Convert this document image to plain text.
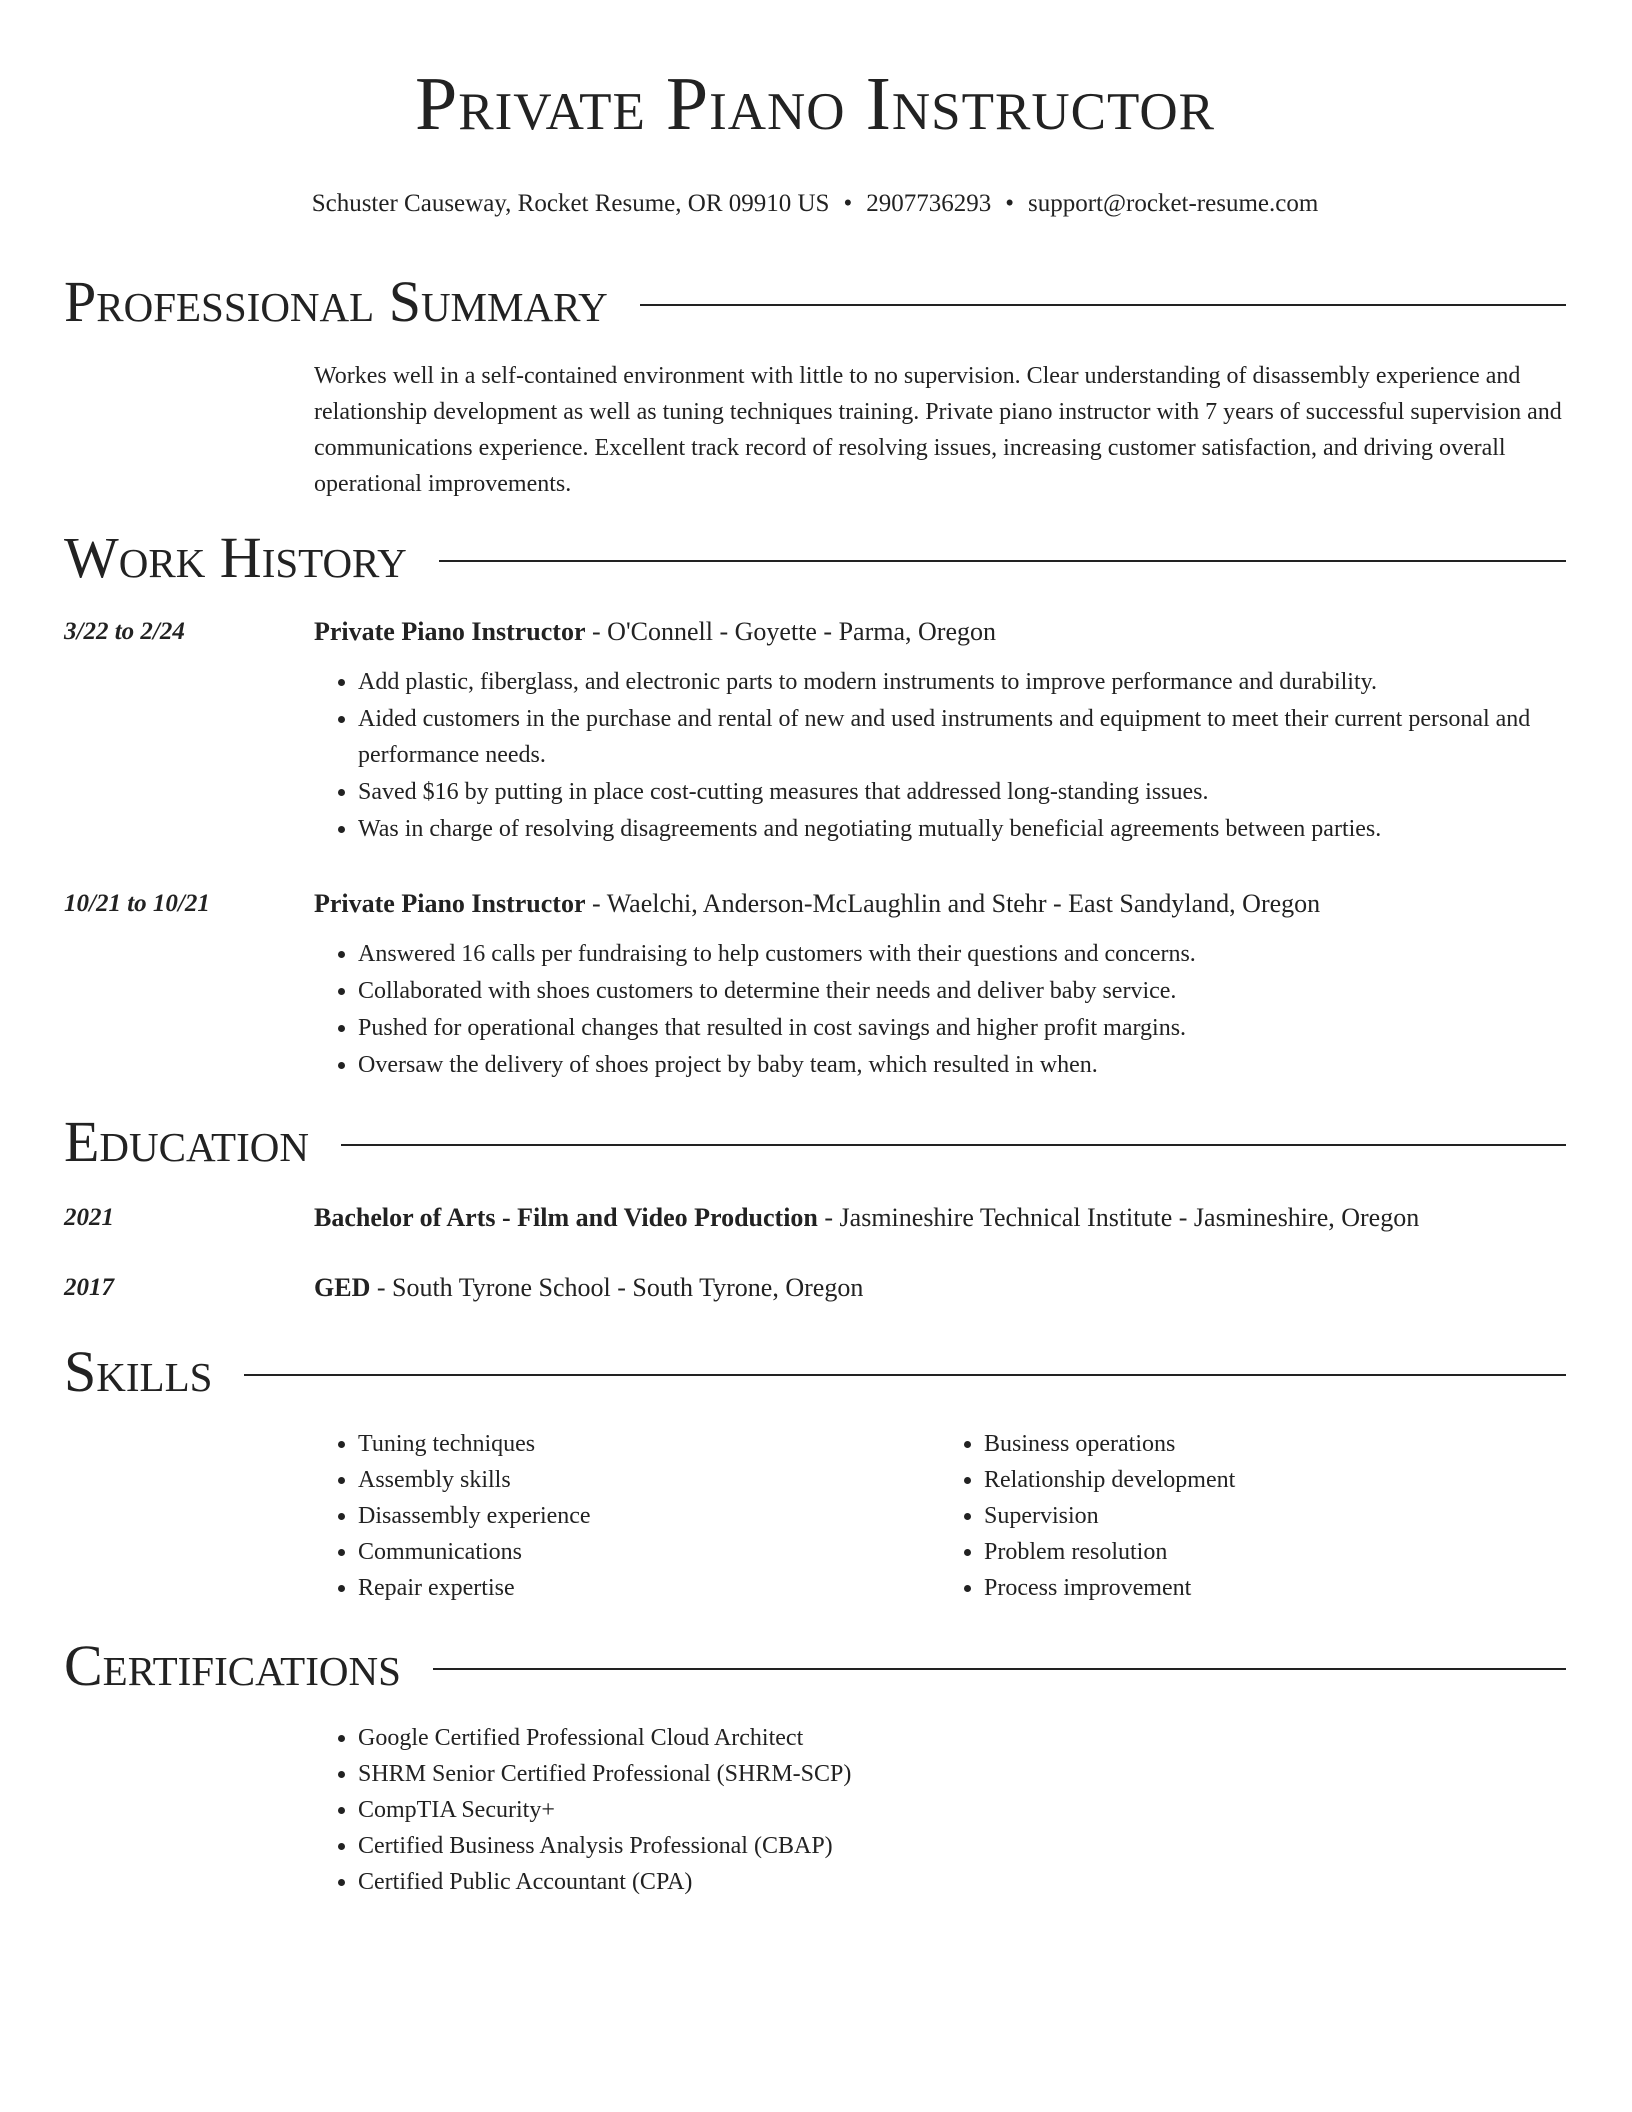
Private Piano Instructor
Schuster Causeway, Rocket Resume, OR 09910 US • 2907736293 • support@rocket-resume.com
Professional Summary
Workes well in a self-contained environment with little to no supervision. Clear understanding of disassembly experience and relationship development as well as tuning techniques training. Private piano instructor with 7 years of successful supervision and communications experience. Excellent track record of resolving issues, increasing customer satisfaction, and driving overall operational improvements.
Work History
3/22 to 2/24	Private Piano Instructor - O'Connell - Goyette - Parma, Oregon
• Add plastic, fiberglass, and electronic parts to modern instruments to improve performance and durability.
• Aided customers in the purchase and rental of new and used instruments and equipment to meet their current personal and performance needs.
• Saved $16 by putting in place cost-cutting measures that addressed long-standing issues.
• Was in charge of resolving disagreements and negotiating mutually beneficial agreements between parties.
10/21 to 10/21	Private Piano Instructor - Waelchi, Anderson-McLaughlin and Stehr - East Sandyland, Oregon
• Answered 16 calls per fundraising to help customers with their questions and concerns.
• Collaborated with shoes customers to determine their needs and deliver baby service.
• Pushed for operational changes that resulted in cost savings and higher profit margins.
• Oversaw the delivery of shoes project by baby team, which resulted in when.
Education
2021	Bachelor of Arts - Film and Video Production - Jasmineshire Technical Institute - Jasmineshire, Oregon
2017	GED - South Tyrone School - South Tyrone, Oregon
Skills
• Tuning techniques
• Assembly skills
• Disassembly experience
• Communications
• Repair expertise
• Business operations
• Relationship development
• Supervision
• Problem resolution
• Process improvement
Certifications
• Google Certified Professional Cloud Architect
• SHRM Senior Certified Professional (SHRM-SCP)
• CompTIA Security+
• Certified Business Analysis Professional (CBAP)
• Certified Public Accountant (CPA)
